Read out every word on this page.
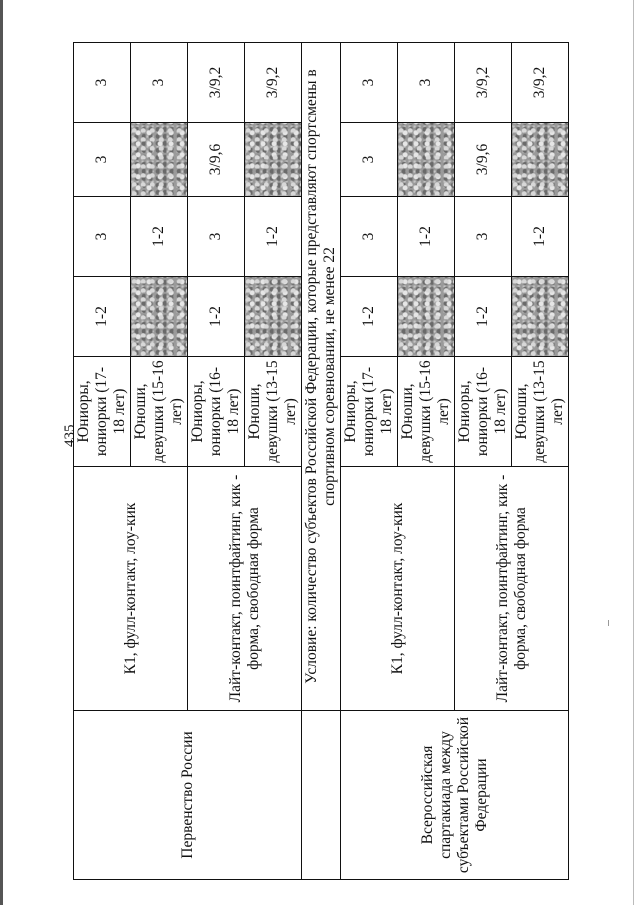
435
Первенство России	К1, фулл-контакт, лоу-кик	Юниоры, юниорки (17-18 лет)	1-2	3	3	3
		Юноши, девушки (15-16 лет)		1-2		3
	Лайт-контакт, поинтфайтинг, кик - форма, свободная форма	Юниоры, юниорки (16-18 лет)	1-2	3	3/9,6	3/9,2
		Юноши, девушки (13-15 лет)		1-2		3/9,2
	Условие: количество субъектов Российской Федерации, которые представляют спортсмены в спортивном соревновании, не менее 22					
Всероссийская спартакиада между субъектами Российской Федерации	К1, фулл-контакт, лоу-кик	Юниоры, юниорки (17-18 лет)	1-2	3	3	3
		Юноши, девушки (15-16 лет)		1-2		3
	Лайт-контакт, поинтфайтинг, кик - форма, свободная форма	Юниоры, юниорки (16-18 лет)	1-2	3	3/9,6	3/9,2
		Юноши, девушки (13-15 лет)		1-2		3/9,2
